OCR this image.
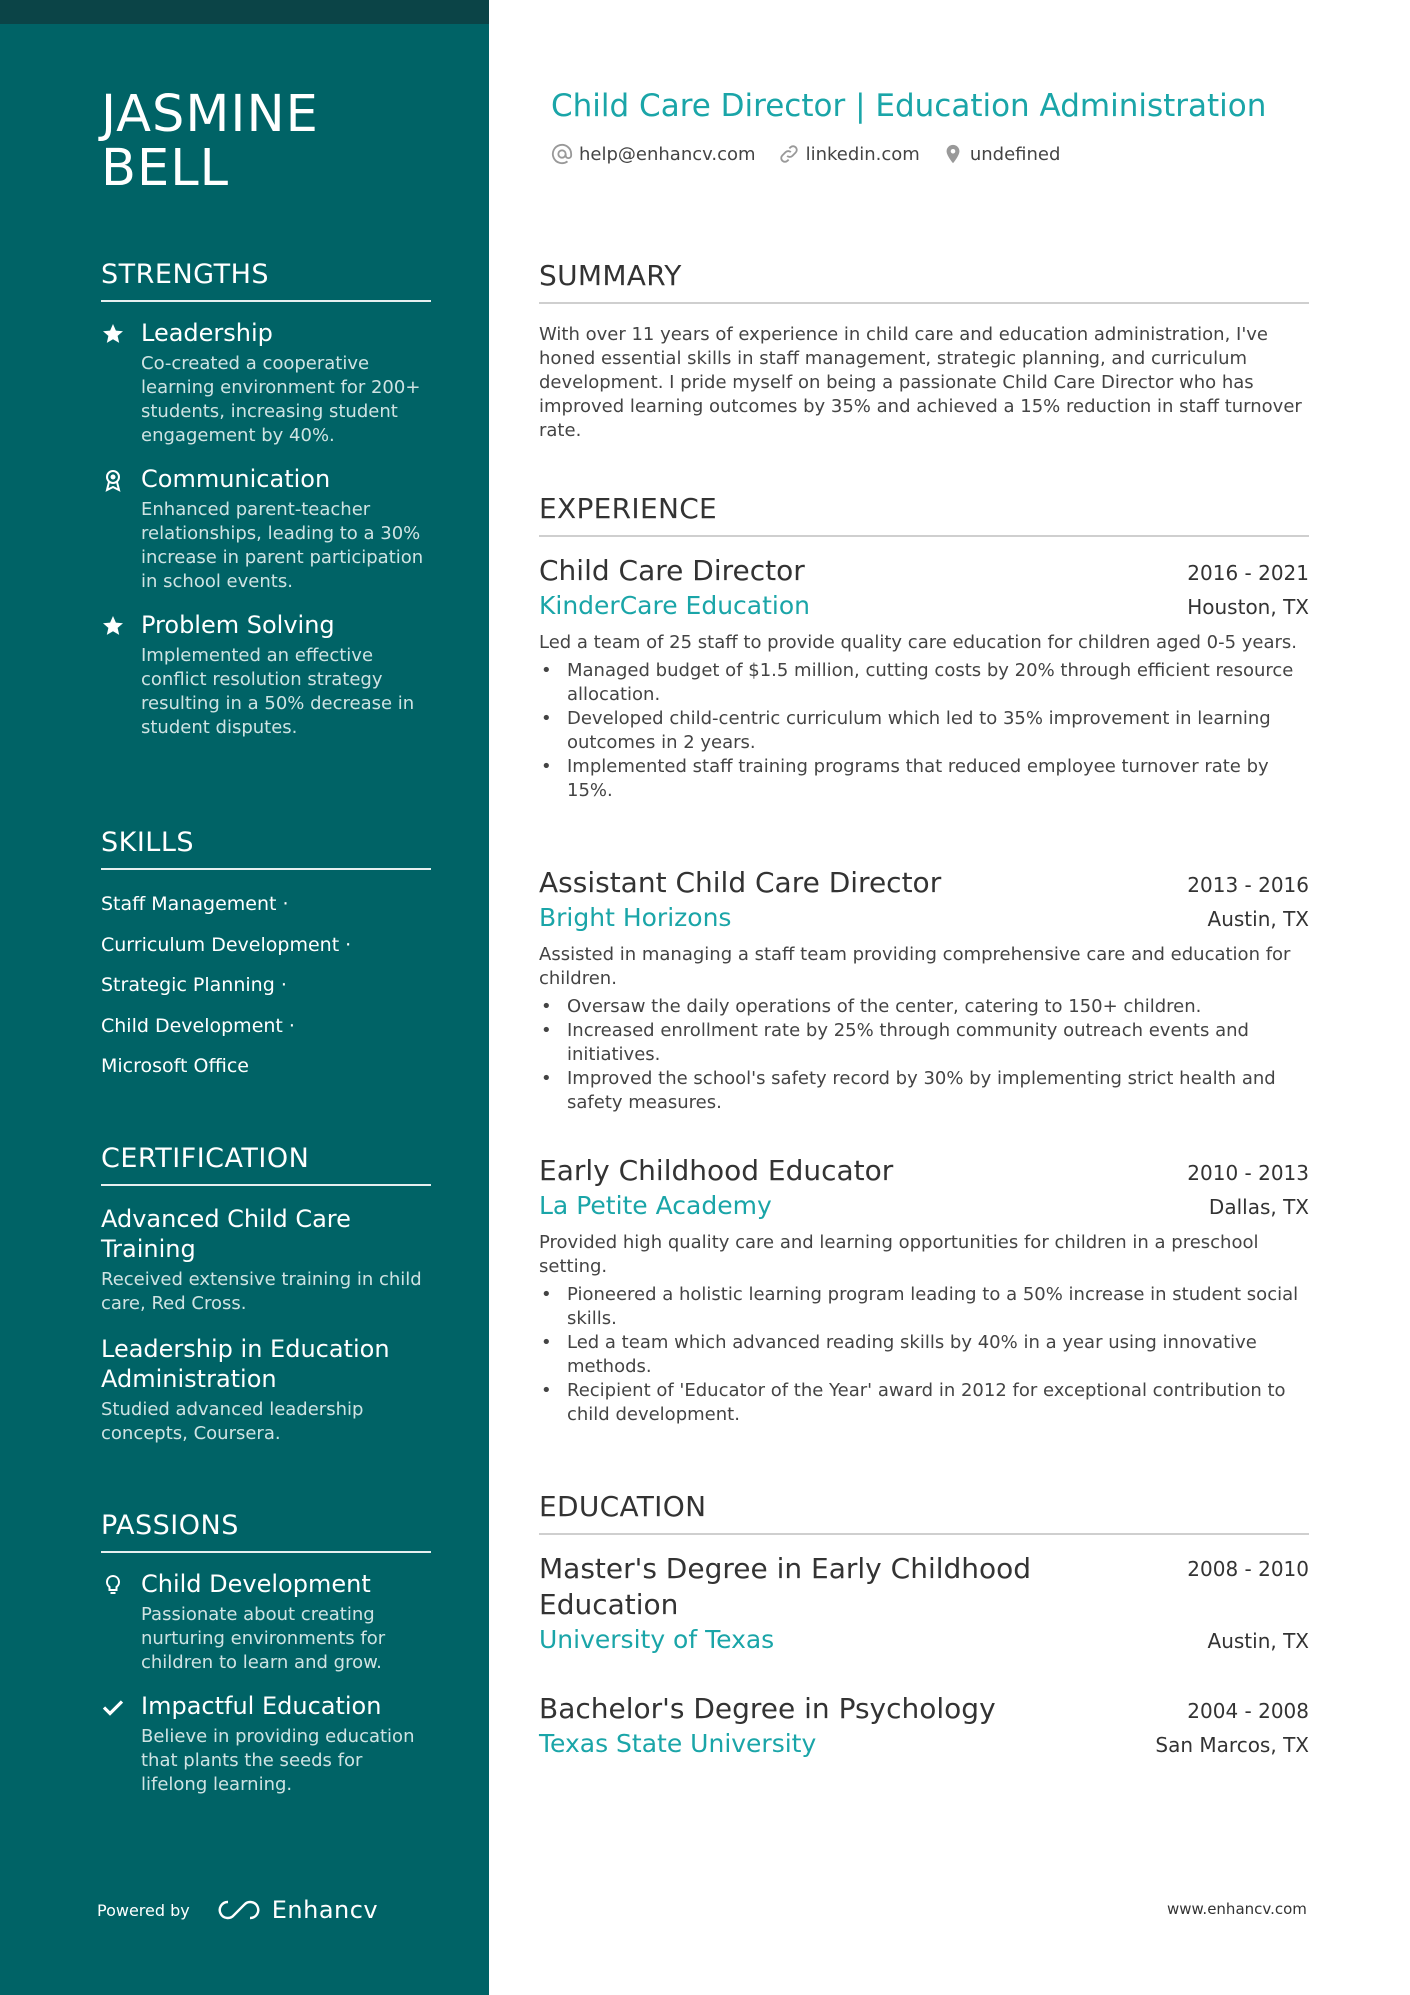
JASMINE
BELL
STRENGTHS
Leadership
Co-created a cooperative learning environment for 200+ students, increasing student engagement by 40%.
Communication
Enhanced parent-teacher relationships, leading to a 30% increase in parent participation in school events.
Problem Solving
Implemented an effective conflict resolution strategy resulting in a 50% decrease in student disputes.
SKILLS
Staff Management ·
Curriculum Development ·
Strategic Planning ·
Child Development ·
Microsoft Office
CERTIFICATION
Advanced Child Care Training
Received extensive training in child care, Red Cross.
Leadership in Education Administration
Studied advanced leadership concepts, Coursera.
PASSIONS
Child Development
Passionate about creating nurturing environments for children to learn and grow.
Impactful Education
Believe in providing education that plants the seeds for lifelong learning.
Powered by	Enhancv
Child Care Director | Education Administration
help@enhancv.com	linkedin.com	undefined
SUMMARY
With over 11 years of experience in child care and education administration, I've honed essential skills in staff management, strategic planning, and curriculum development. I pride myself on being a passionate Child Care Director who has improved learning outcomes by 35% and achieved a 15% reduction in staff turnover rate.
EXPERIENCE
Child Care Director	2016 - 2021
KinderCare Education	Houston, TX
Led a team of 25 staff to provide quality care education for children aged 0-5 years.
• Managed budget of $1.5 million, cutting costs by 20% through efficient resource allocation.
• Developed child-centric curriculum which led to 35% improvement in learning outcomes in 2 years.
• Implemented staff training programs that reduced employee turnover rate by 15%.
Assistant Child Care Director	2013 - 2016
Bright Horizons	Austin, TX
Assisted in managing a staff team providing comprehensive care and education for children.
• Oversaw the daily operations of the center, catering to 150+ children.
• Increased enrollment rate by 25% through community outreach events and initiatives.
• Improved the school's safety record by 30% by implementing strict health and safety measures.
Early Childhood Educator	2010 - 2013
La Petite Academy	Dallas, TX
Provided high quality care and learning opportunities for children in a preschool setting.
• Pioneered a holistic learning program leading to a 50% increase in student social skills.
• Led a team which advanced reading skills by 40% in a year using innovative methods.
• Recipient of 'Educator of the Year' award in 2012 for exceptional contribution to child development.
EDUCATION
Master's Degree in Early Childhood Education
2008 - 2010
University of Texas	Austin, TX
Bachelor's Degree in Psychology	2004 - 2008
Texas State University	San Marcos, TX
www.enhancv.com
